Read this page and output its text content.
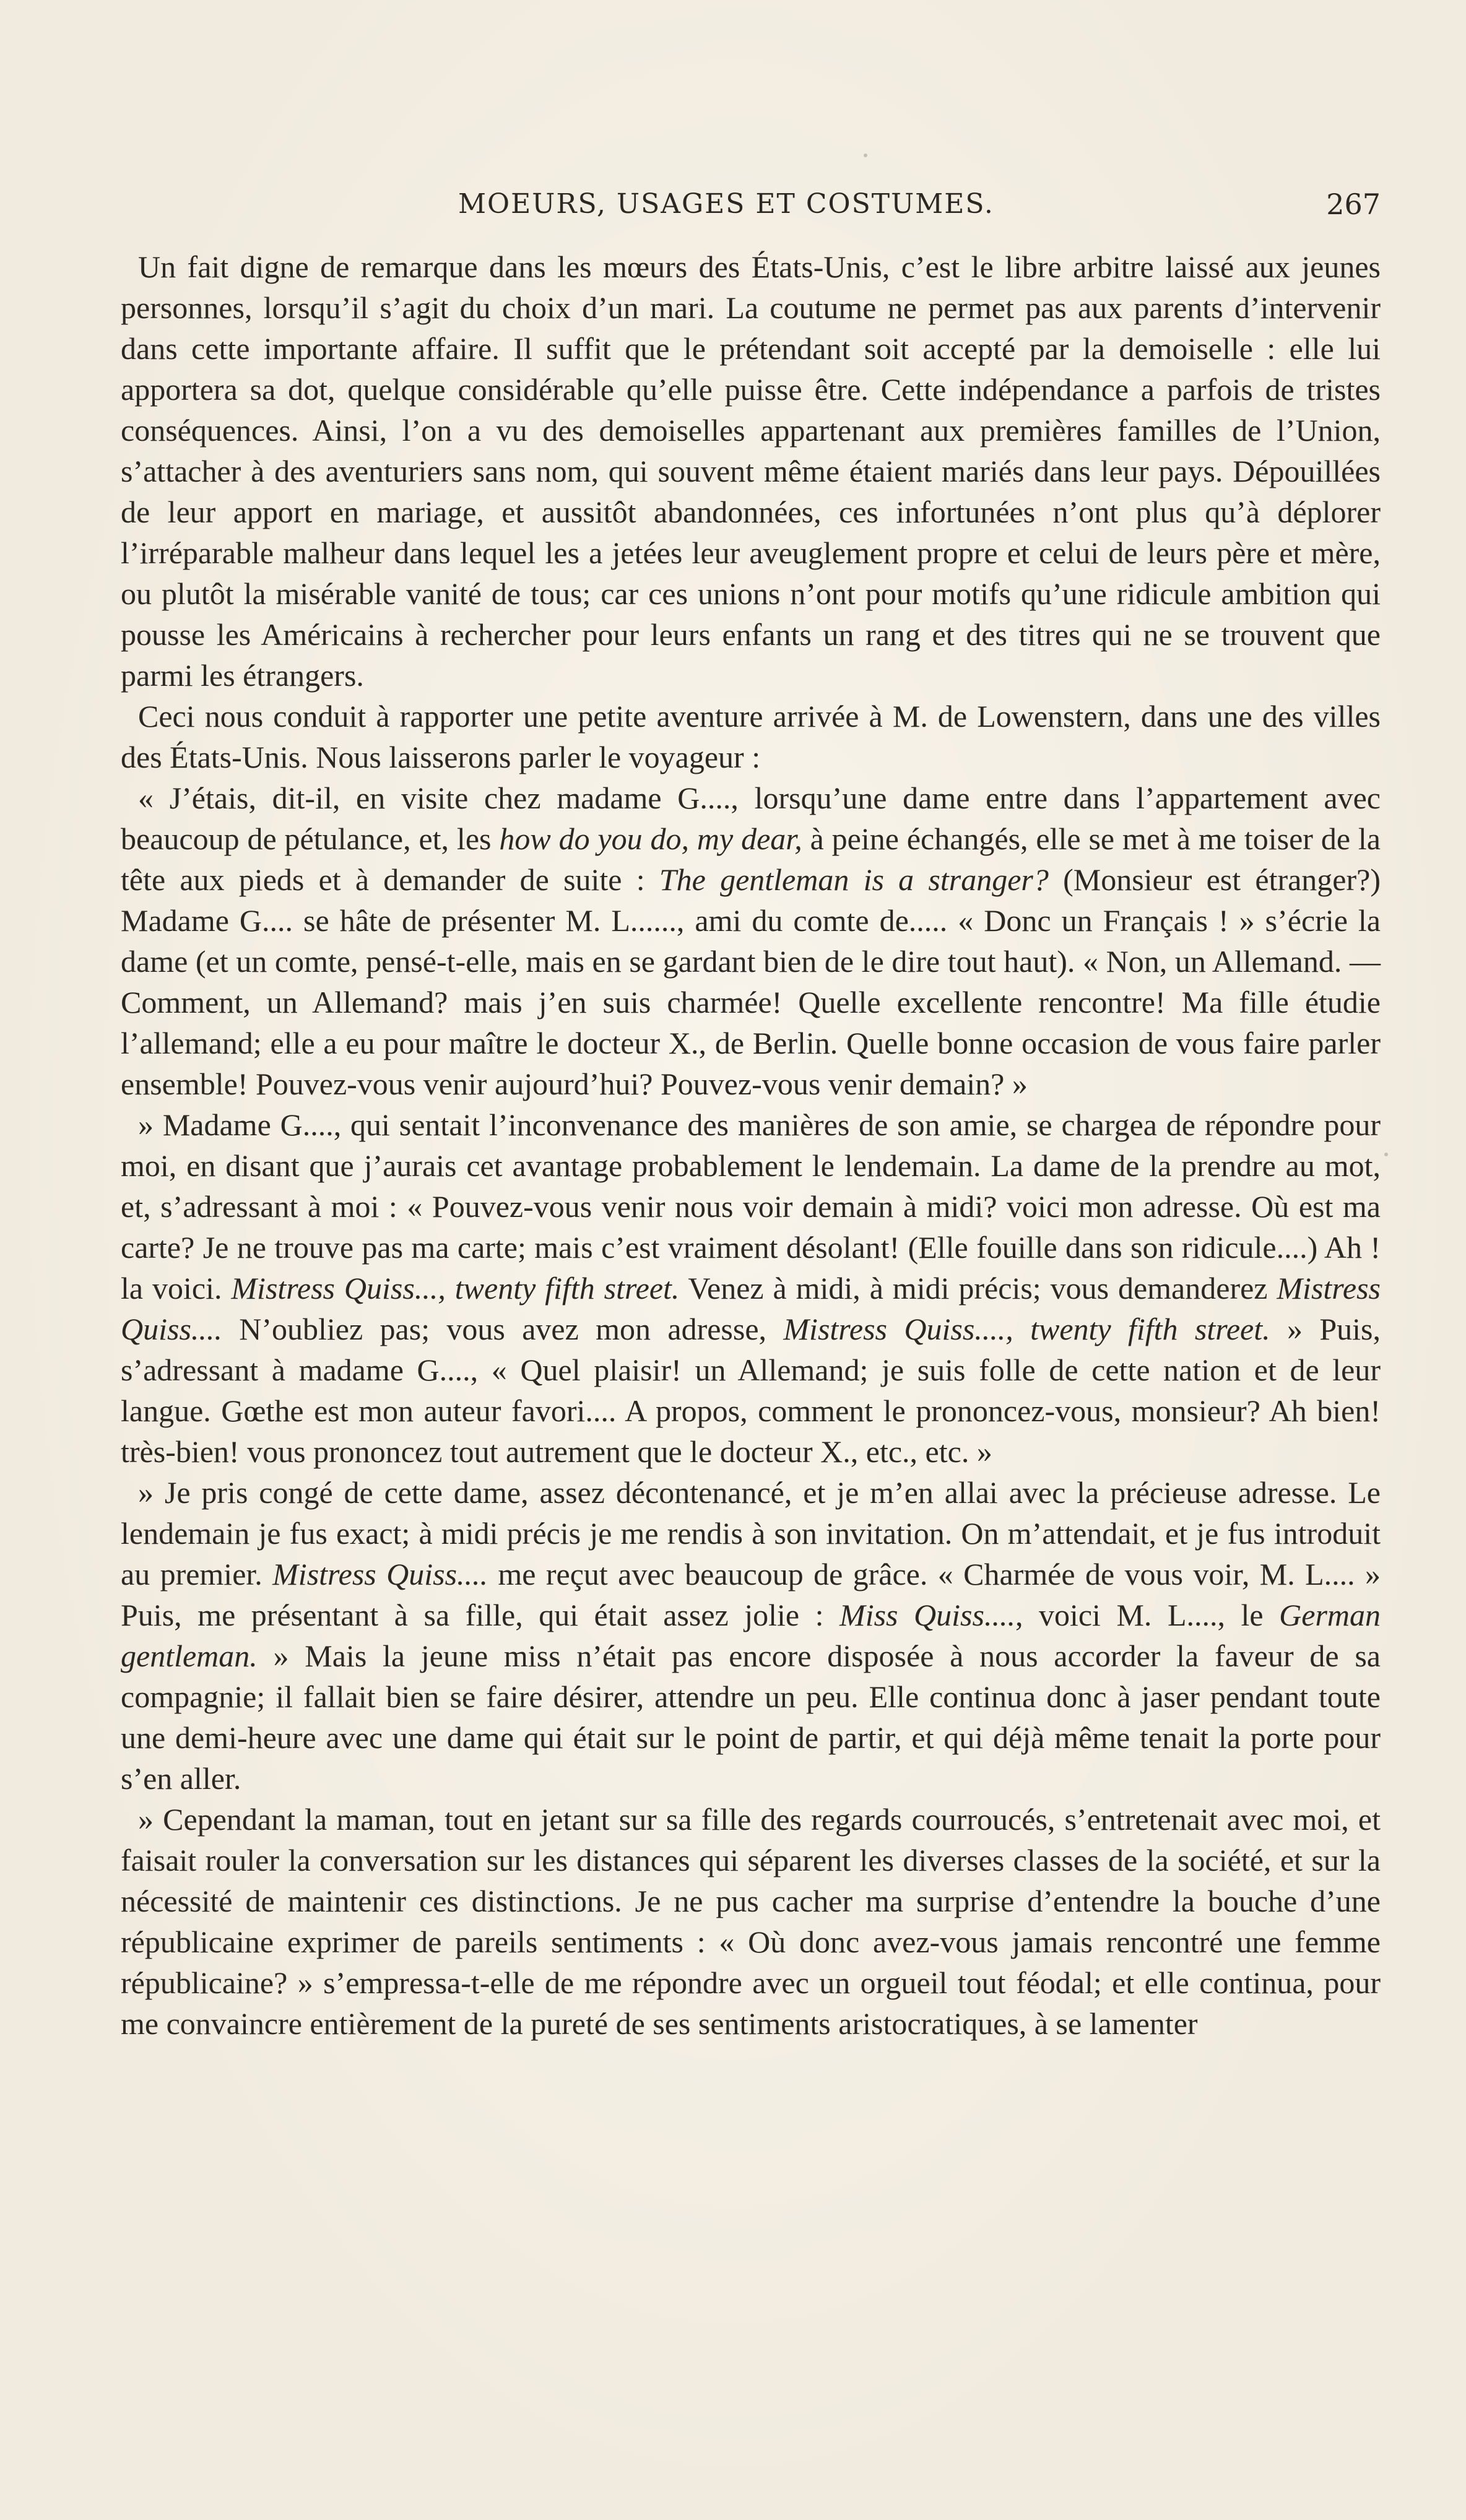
MOEURS, USAGES ET COSTUMES.	267

Un fait digne de remarque dans les mœurs des États-Unis, c’est le libre arbitre laissé aux jeunes personnes, lorsqu’il s’agit du choix d’un mari. La coutume ne permet pas aux parents d’intervenir dans cette importante affaire. Il suffit que le prétendant soit accepté par la demoiselle : elle lui apportera sa dot, quelque considérable qu’elle puisse être. Cette indépendance a parfois de tristes conséquences. Ainsi, l’on a vu des demoiselles appartenant aux premières familles de l’Union, s’attacher à des aventuriers sans nom, qui souvent même étaient mariés dans leur pays. Dépouillées de leur apport en mariage, et aussitôt abandonnées, ces infortunées n’ont plus qu’à déplorer l’irréparable malheur dans lequel les a jetées leur aveuglement propre et celui de leurs père et mère, ou plutôt la misérable vanité de tous; car ces unions n’ont pour motifs qu’une ridicule ambition qui pousse les Américains à rechercher pour leurs enfants un rang et des titres qui ne se trouvent que parmi les étrangers.

Ceci nous conduit à rapporter une petite aventure arrivée à M. de Lowenstern, dans une des villes des États-Unis. Nous laisserons parler le voyageur :

« J’étais, dit-il, en visite chez madame G...., lorsqu’une dame entre dans l’appartement avec beaucoup de pétulance, et, les how do you do, my dear, à peine échangés, elle se met à me toiser de la tête aux pieds et à demander de suite : The gentleman is a stranger? (Monsieur est étranger?) Madame G.... se hâte de présenter M. L......, ami du comte de..... « Donc un Français ! » s’écrie la dame (et un comte, pensé-t-elle, mais en se gardant bien de le dire tout haut). « Non, un Allemand. — Comment, un Allemand? mais j’en suis charmée! Quelle excellente rencontre! Ma fille étudie l’allemand; elle a eu pour maître le docteur X., de Berlin. Quelle bonne occasion de vous faire parler ensemble! Pouvez-vous venir aujourd’hui? Pouvez-vous venir demain? »

» Madame G...., qui sentait l’inconvenance des manières de son amie, se chargea de répondre pour moi, en disant que j’aurais cet avantage probablement le lendemain. La dame de la prendre au mot, et, s’adressant à moi : « Pouvez-vous venir nous voir demain à midi? voici mon adresse. Où est ma carte? Je ne trouve pas ma carte; mais c’est vraiment désolant! (Elle fouille dans son ridicule....) Ah ! la voici. Mistress Quiss..., twenty fifth street. Venez à midi, à midi précis; vous demanderez Mistress Quiss.... N’oubliez pas; vous avez mon adresse, Mistress Quiss...., twenty fifth street. » Puis, s’adressant à madame G...., « Quel plaisir! un Allemand; je suis folle de cette nation et de leur langue. Gœthe est mon auteur favori.... A propos, comment le prononcez-vous, monsieur? Ah bien! très-bien! vous prononcez tout autrement que le docteur X., etc., etc. »

» Je pris congé de cette dame, assez décontenancé, et je m’en allai avec la précieuse adresse. Le lendemain je fus exact; à midi précis je me rendis à son invitation. On m’attendait, et je fus introduit au premier. Mistress Quiss.... me reçut avec beaucoup de grâce. « Charmée de vous voir, M. L.... » Puis, me présentant à sa fille, qui était assez jolie : Miss Quiss...., voici M. L...., le German gentleman. » Mais la jeune miss n’était pas encore disposée à nous accorder la faveur de sa compagnie; il fallait bien se faire désirer, attendre un peu. Elle continua donc à jaser pendant toute une demi-heure avec une dame qui était sur le point de partir, et qui déjà même tenait la porte pour s’en aller.

» Cependant la maman, tout en jetant sur sa fille des regards courroucés, s’entretenait avec moi, et faisait rouler la conversation sur les distances qui séparent les diverses classes de la société, et sur la nécessité de maintenir ces distinctions. Je ne pus cacher ma surprise d’entendre la bouche d’une républicaine exprimer de pareils sentiments : « Où donc avez-vous jamais rencontré une femme républicaine? » s’empressa-t-elle de me répondre avec un orgueil tout féodal; et elle continua, pour me convaincre entièrement de la pureté de ses sentiments aristocratiques, à se lamenter
